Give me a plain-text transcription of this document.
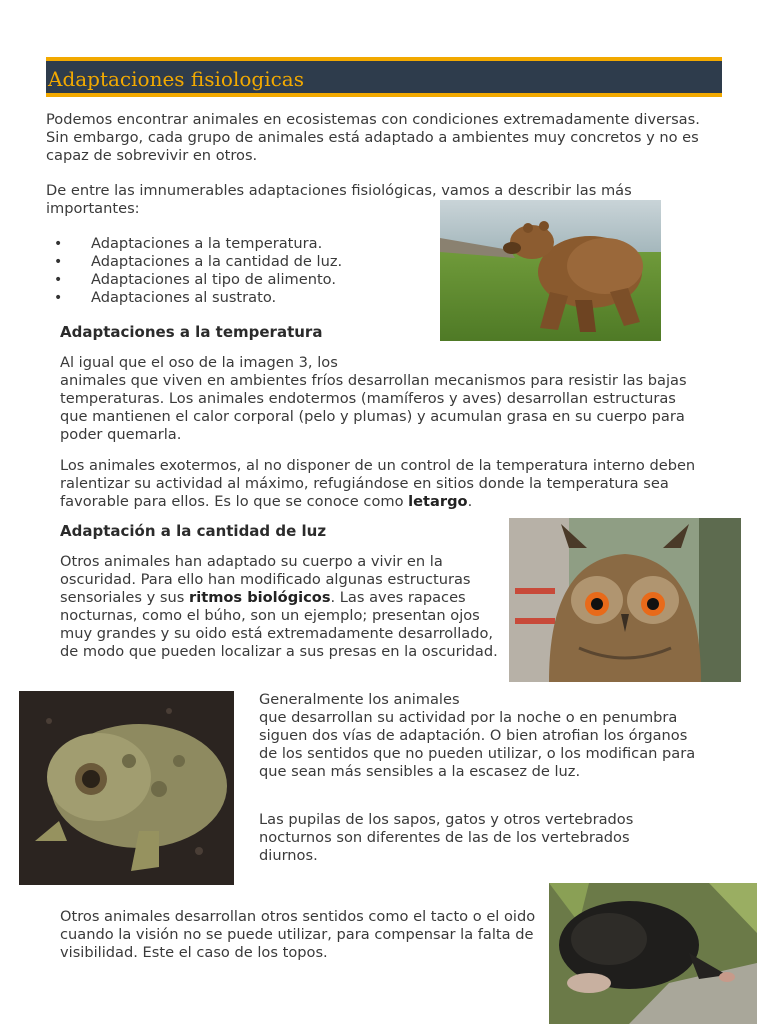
Adaptaciones fisiologicas

Podemos encontrar animales en ecosistemas con condiciones extremadamente diversas. Sin embargo, cada grupo de animales está adaptado a ambientes muy concretos y no es capaz de sobrevivir en otros.

De entre las imnumerables adaptaciones fisiológicas, vamos a describir las más importantes:

• Adaptaciones a la temperatura.
• Adaptaciones a la cantidad de luz.
• Adaptaciones al tipo de alimento.
• Adaptaciones al sustrato.
Adaptaciones a la temperatura

Al igual que el oso de la imagen 3, los
animales que viven en ambientes fríos desarrollan mecanismos para resistir las bajas temperaturas. Los animales endotermos (mamíferos y aves) desarrollan estructuras que mantienen el calor corporal (pelo y plumas) y acumulan grasa en su cuerpo para poder quemarla.

Los animales exotermos, al no disponer de un control de la temperatura interno deben ralentizar su actividad al máximo, refugiándose en sitios donde la temperatura sea favorable para ellos. Es lo que se conoce como letargo.

Adaptación a la cantidad de luz

Otros animales han adaptado su cuerpo a vivir en la oscuridad. Para ello han modificado algunas estructuras sensoriales y sus ritmos biológicos. Las aves rapaces nocturnas, como el búho, son un ejemplo; presentan ojos muy grandes y su oido está extremadamente desarrollado, de modo que pueden localizar a sus presas en la oscuridad.

Generalmente los animales
que desarrollan su actividad por la noche o en penumbra siguen dos vías de adaptación. O bien atrofian los órganos de los sentidos que no pueden utilizar, o los modifican para que sean más sensibles a la escasez de luz.

Las pupilas de los sapos, gatos y otros vertebrados nocturnos son diferentes de las de los vertebrados diurnos.

Otros animales desarrollan otros sentidos como el tacto o el oido cuando la visión no se puede utilizar, para compensar la falta de visibilidad. Este el caso de los topos.
